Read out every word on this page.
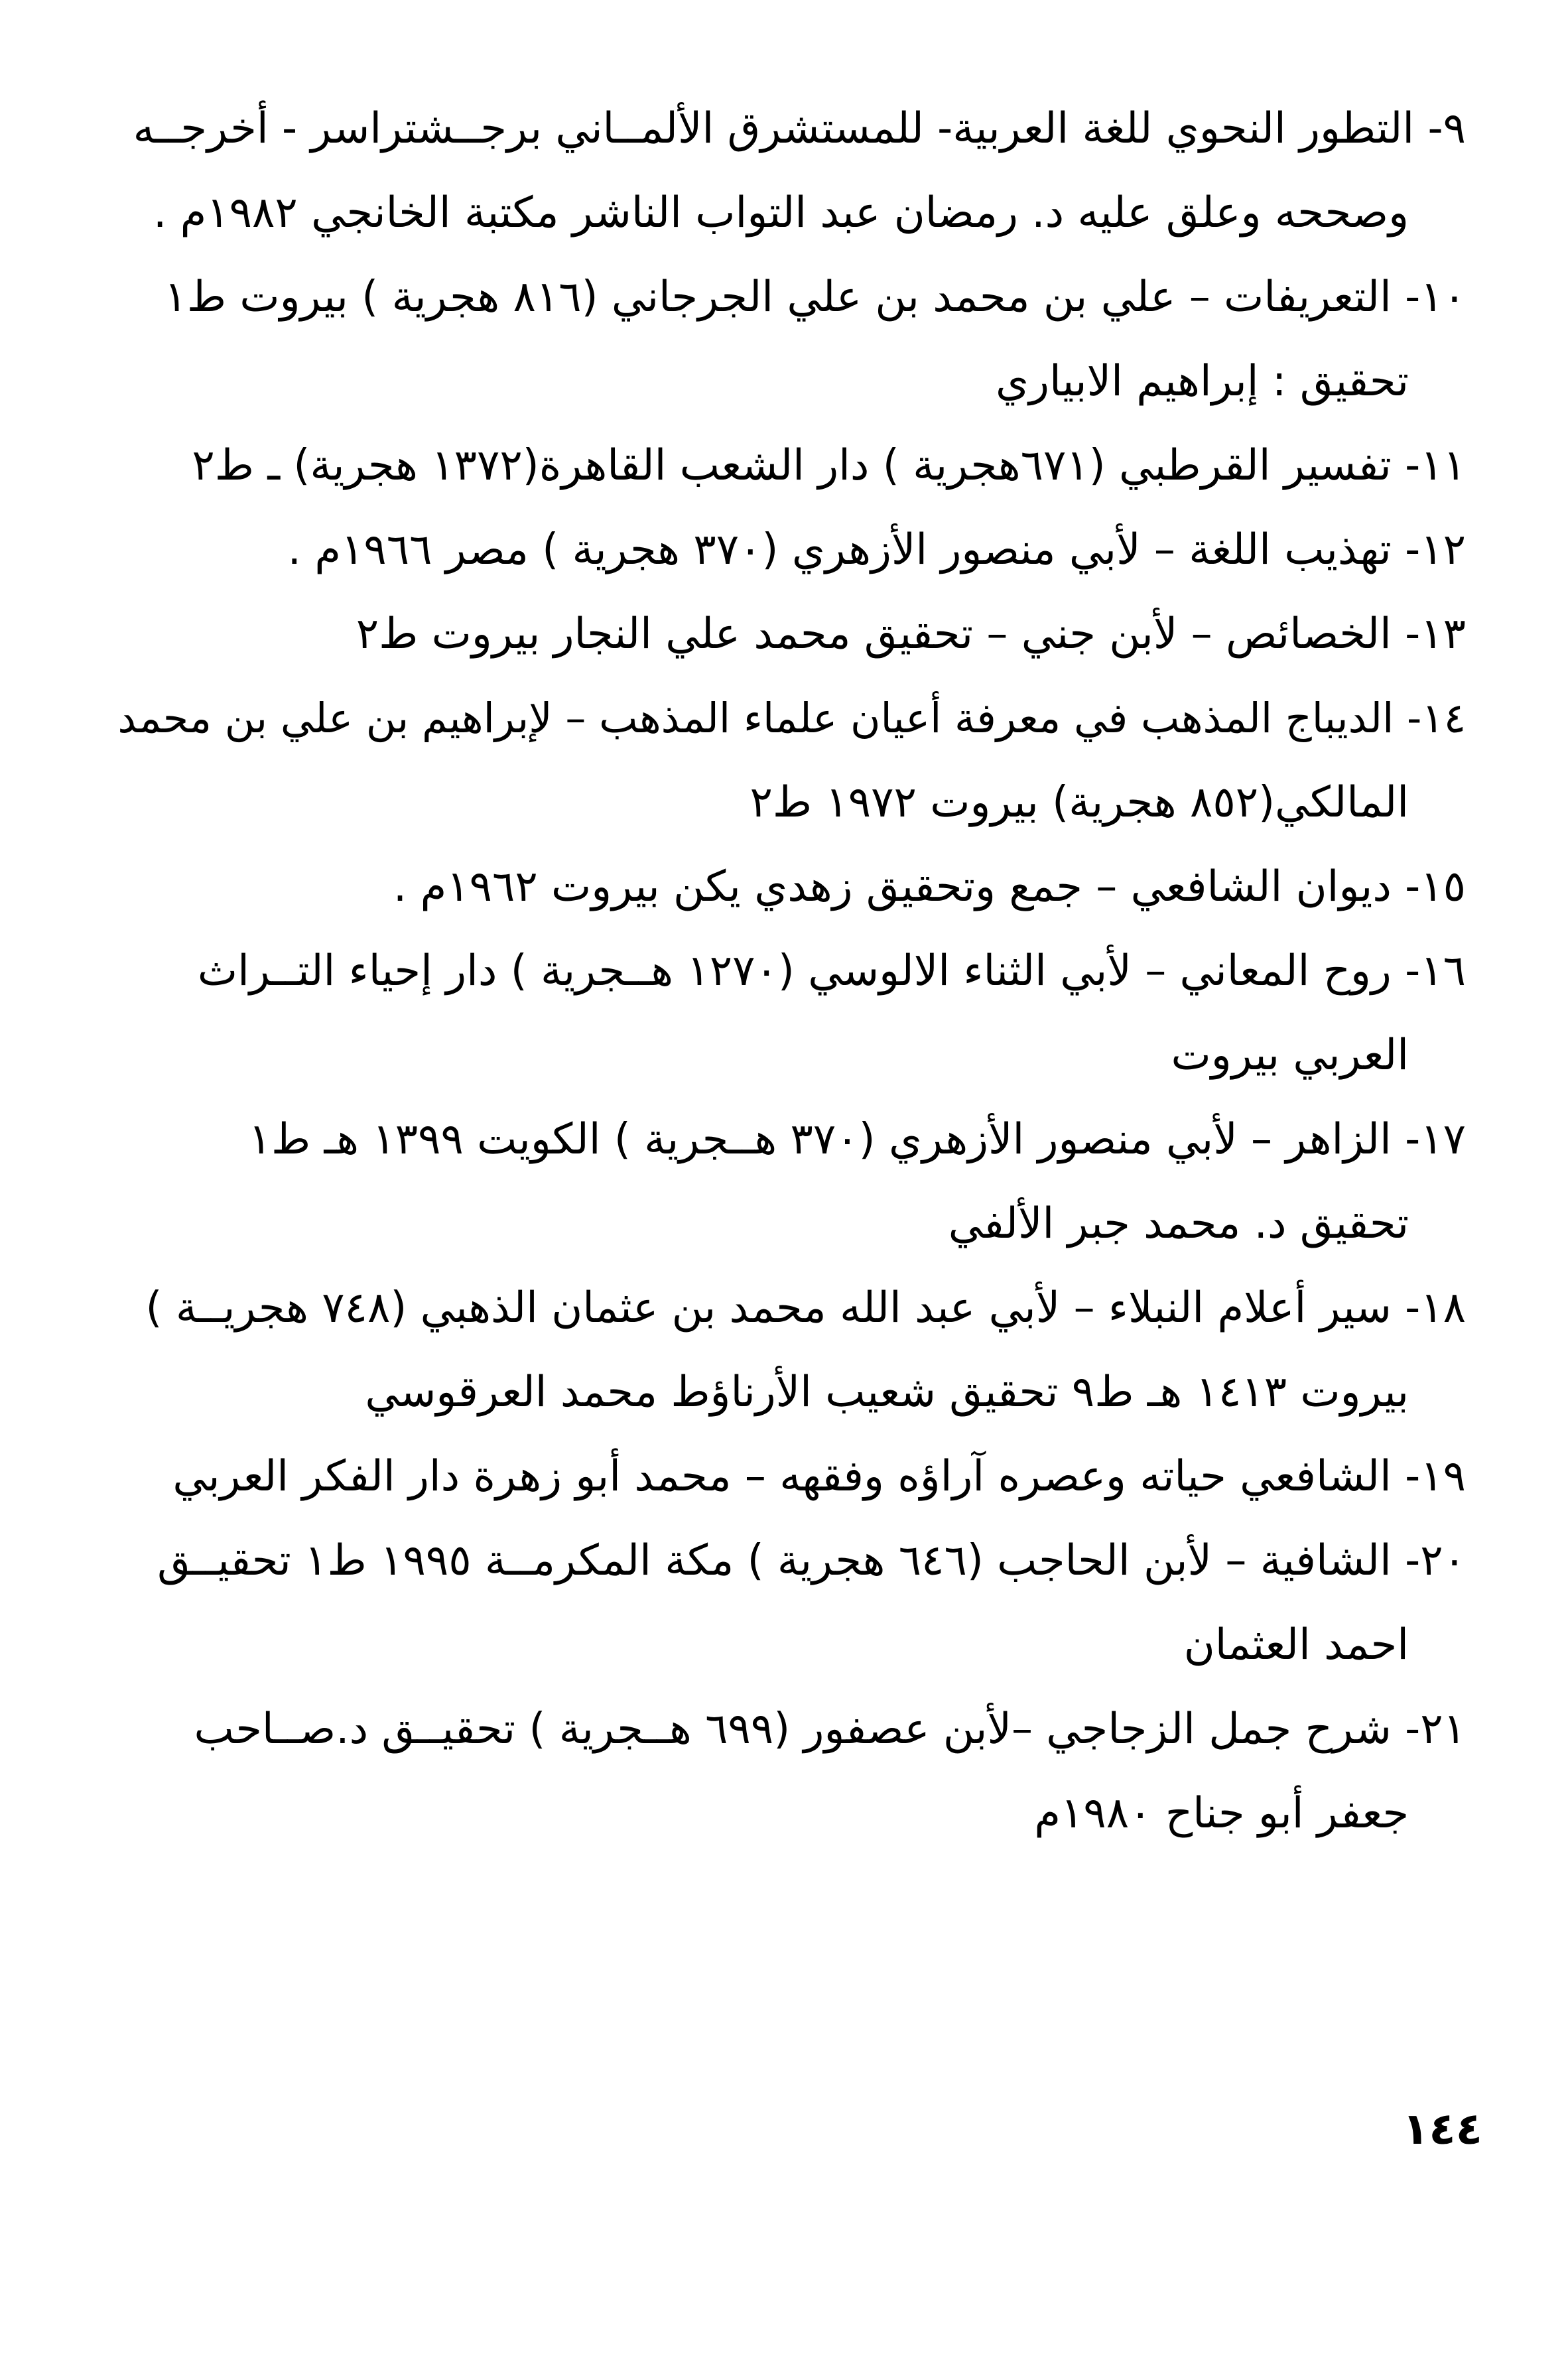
٩- التطور النحوي للغة العربية- للمستشرق الألمــاني برجــشتراسر - أخرجــه
وصححه وعلق عليه د. رمضان عبد التواب الناشر مكتبة الخانجي ١٩٨٢م .
١٠- التعريفات – علي بن محمد بن علي الجرجاني (٨١٦ هجرية ) بيروت ط١
تحقيق : إبراهيم الابياري
١١- تفسير القرطبي (٦٧١هجرية ) دار الشعب القاهرة(١٣٧٢ هجرية) ـ ط٢
١٢- تهذيب اللغة – لأبي منصور الأزهري (٣٧٠ هجرية ) مصر ١٩٦٦م .
١٣- الخصائص – لأبن جني – تحقيق محمد علي النجار بيروت ط٢
١٤- الديباج المذهب في معرفة أعيان علماء المذهب – لإبراهيم بن علي بن محمد
المالكي(٨٥٢ هجرية) بيروت ١٩٧٢ ط٢
١٥- ديوان الشافعي – جمع وتحقيق زهدي يكن بيروت ١٩٦٢م .
١٦- روح المعاني – لأبي الثناء الالوسي (١٢٧٠ هــجرية ) دار إحياء التــراث
العربي بيروت
١٧- الزاهر – لأبي منصور الأزهري (٣٧٠ هــجرية ) الكويت ١٣٩٩ هـ ط١
تحقيق د. محمد جبر الألفي
١٨- سير أعلام النبلاء – لأبي عبد الله محمد بن عثمان الذهبي (٧٤٨ هجريــة )
بيروت ١٤١٣ هـ ط٩ تحقيق شعيب الأرناؤط محمد العرقوسي
١٩- الشافعي حياته وعصره آراؤه وفقهه – محمد أبو زهرة دار الفكر العربي
٢٠- الشافية – لأبن الحاجب (٦٤٦ هجرية ) مكة المكرمــة ١٩٩٥ ط١ تحقيــق
احمد العثمان
٢١- شرح جمل الزجاجي –لأبن عصفور (٦٩٩ هــجرية ) تحقيــق د.صــاحب
جعفر أبو جناح ١٩٨٠م
١٤٤
